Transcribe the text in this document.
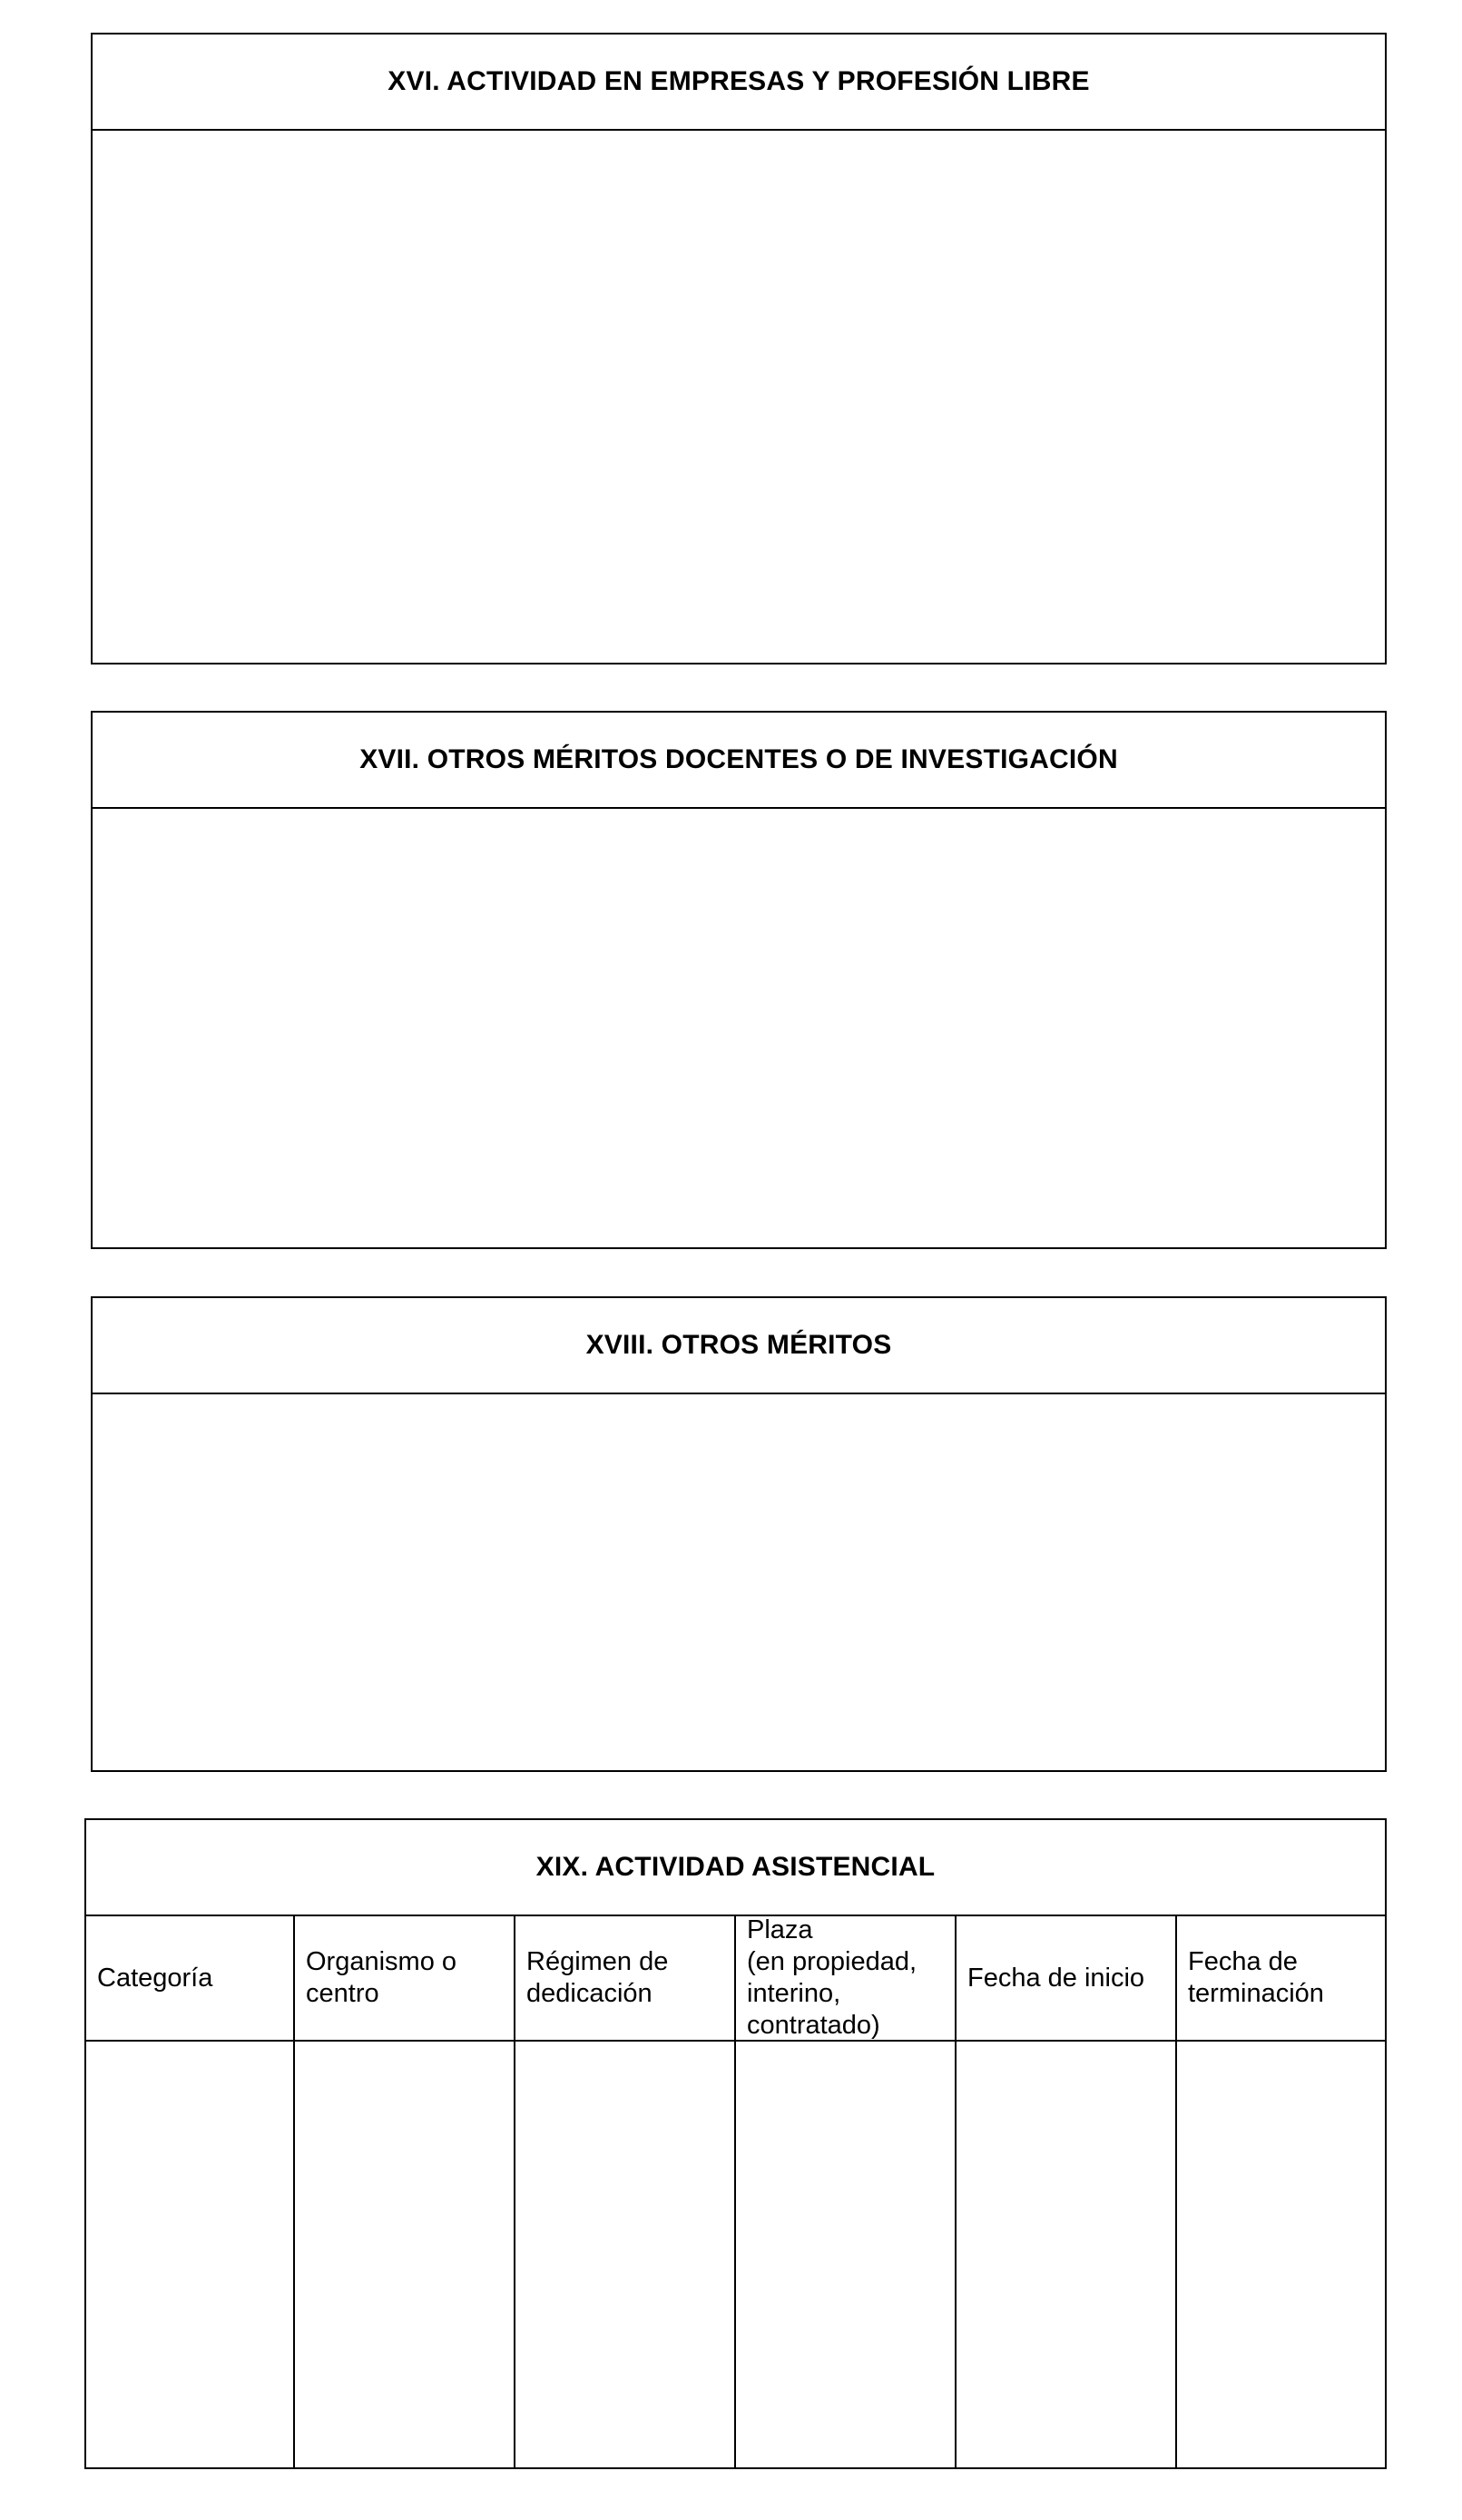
XVI. ACTIVIDAD EN EMPRESAS Y PROFESIÓN LIBRE
XVII. OTROS MÉRITOS DOCENTES O DE INVESTIGACIÓN
XVIII. OTROS MÉRITOS
XIX. ACTIVIDAD ASISTENCIAL
Categoría
Organismo o
centro
Régimen de
dedicación
Plaza
(en propiedad,
interino,
contratado)
Fecha de inicio
Fecha de
terminación
